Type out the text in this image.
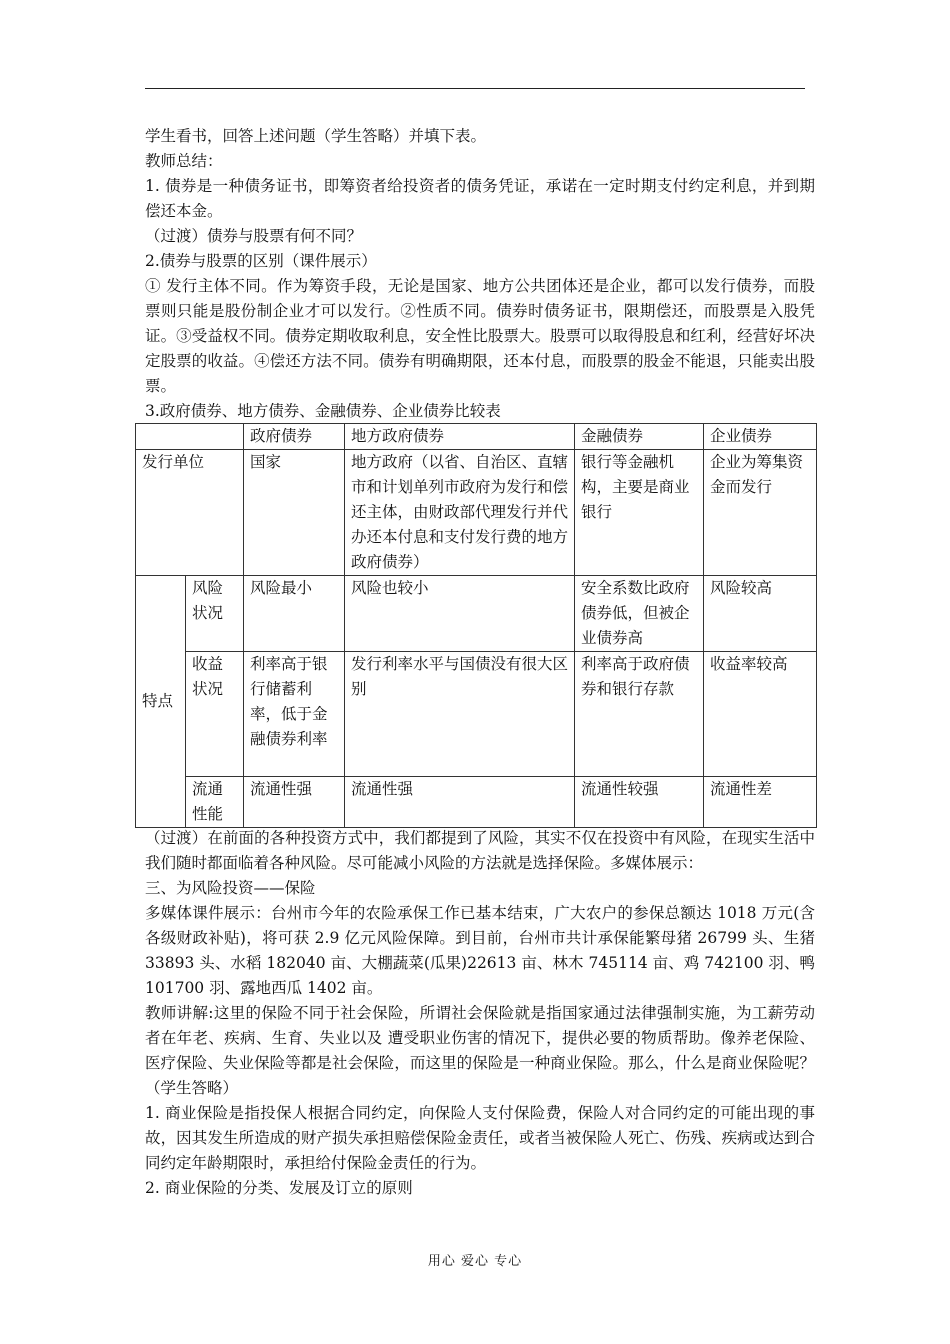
学生看书，回答上述问题（学生答略）并填下表。

教师总结：

1. 债券是一种债务证书，即筹资者给投资者的债务凭证，承诺在一定时期支付约定利息，并到期偿还本金。

（过渡）债券与股票有何不同？

2.债券与股票的区别（课件展示）

① 发行主体不同。作为筹资手段，无论是国家、地方公共团体还是企业，都可以发行债券，而股票则只能是股份制企业才可以发行。②性质不同。债券时债务证书，限期偿还，而股票是入股凭证。③受益权不同。债券定期收取利息，安全性比股票大。股票可以取得股息和红利，经营好坏决定股票的收益。④偿还方法不同。债券有明确期限，还本付息，而股票的股金不能退，只能卖出股票。

3.政府债券、地方债券、金融债券、企业债券比较表

		政府债券	地方政府债券	金融债券	企业债券
发行单位		国家	地方政府（以省、自治区、直辖市和计划单列市政府为发行和偿还主体，由财政部代理发行并代办还本付息和支付发行费的地方政府债券）	银行等金融机构，主要是商业银行	企业为筹集资金而发行
特点	风险状况	风险最小	风险也较小	安全系数比政府债券低，但被企业债券高	风险较高
	收益状况	利率高于银行储蓄利率，低于金融债券利率	发行利率水平与国债没有很大区别	利率高于政府债券和银行存款	收益率较高
	流通性能	流通性强	流通性强	流通性较强	流通性差

（过渡）在前面的各种投资方式中，我们都提到了风险，其实不仅在投资中有风险，在现实生活中我们随时都面临着各种风险。尽可能减小风险的方法就是选择保险。多媒体展示：

三、为风险投资——保险

多媒体课件展示：台州市今年的农险承保工作已基本结束，广大农户的参保总额达 1018 万元(含各级财政补贴)，将可获 2.9 亿元风险保障。到目前，台州市共计承保能繁母猪 26799 头、生猪 33893 头、水稻 182040 亩、大棚蔬菜(瓜果)22613 亩、林木 745114 亩、鸡 742100 羽、鸭 101700 羽、露地西瓜 1402 亩。

教师讲解:这里的保险不同于社会保险，所谓社会保险就是指国家通过法律强制实施，为工薪劳动者在年老、疾病、生育、失业以及 遭受职业伤害的情况下，提供必要的物质帮助。像养老保险、医疗保险、失业保险等都是社会保险，而这里的保险是一种商业保险。那么，什么是商业保险呢？（学生答略）

1. 商业保险是指投保人根据合同约定，向保险人支付保险费，保险人对合同约定的可能出现的事故，因其发生所造成的财产损失承担赔偿保险金责任，或者当被保险人死亡、伤残、疾病或达到合同约定年龄期限时，承担给付保险金责任的行为。

2. 商业保险的分类、发展及订立的原则

用心 爱心 专心
